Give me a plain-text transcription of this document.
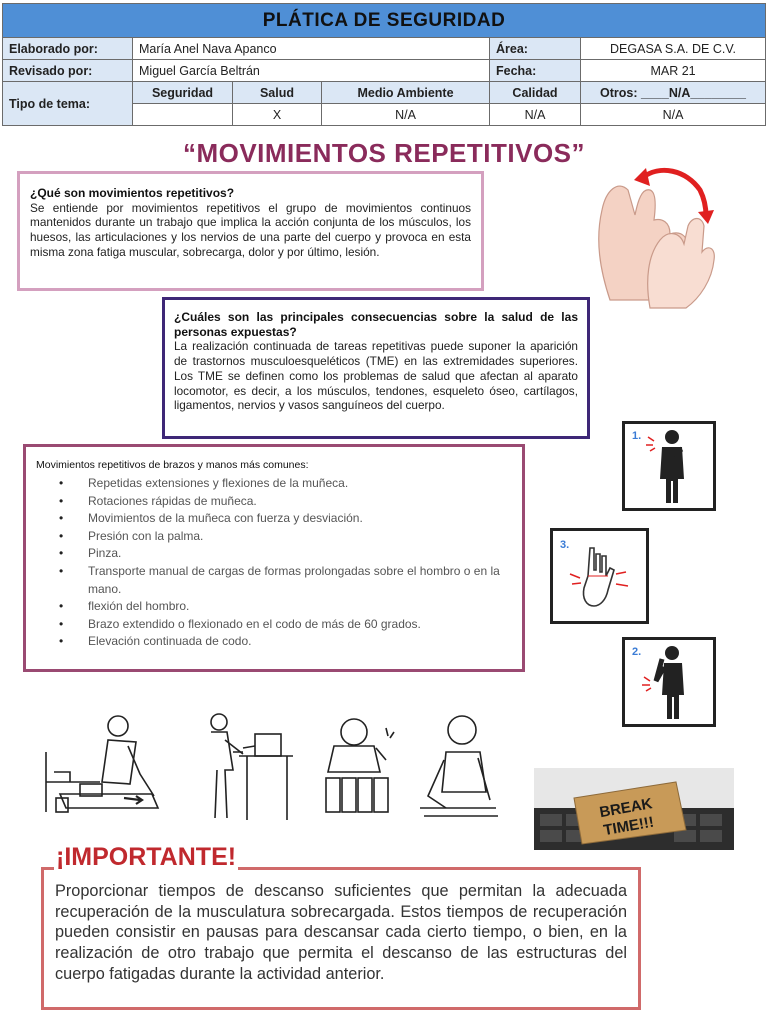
PLÁTICA DE SEGURIDAD					
Elaborado por:	María Anel Nava Apanco			Área:	DEGASA S.A. DE C.V.
Revisado por:	Miguel García Beltrán			Fecha:	MAR 21
Tipo de tema:	Seguridad	Salud	Medio Ambiente	Calidad	Otros: ____N/A________
		X	N/A	N/A	N/A
“MOVIMIENTOS REPETITIVOS”

¿Qué son movimientos repetitivos?

Se entiende por movimientos repetitivos el grupo de movimientos continuos mantenidos durante un trabajo que implica la acción conjunta de los músculos, los huesos, las articulaciones y los nervios de una parte del cuerpo y provoca en esta misma zona fatiga muscular, sobrecarga, dolor y por último, lesión.

¿Cuáles son las principales consecuencias sobre la salud de las personas expuestas?

La realización continuada de tareas repetitivas puede suponer la aparición de trastornos musculoesqueléticos (TME) en las extremidades superiores. Los TME se definen como los problemas de salud que afectan al aparato locomotor, es decir, a los músculos, tendones, esqueleto óseo, cartílagos, ligamentos, nervios y vasos sanguíneos del cuerpo.

Movimientos repetitivos de brazos y manos más comunes:
• Repetidas extensiones y flexiones de la muñeca.
• Rotaciones rápidas de muñeca.
• Movimientos de la muñeca con fuerza y desviación.
• Presión con la palma.
• Pinza.
• Transporte manual de cargas de formas prolongadas sobre el hombro o en la mano.
• flexión del hombro.
• Brazo extendido o flexionado en el codo de más de 60 grados.
• Elevación continuada de codo.
1.
3.
2.
BREAK
TIME!!!
¡IMPORTANTE!

Proporcionar tiempos de descanso suficientes que permitan la adecuada recuperación de la musculatura sobrecargada. Estos tiempos de recuperación pueden consistir en pausas para descansar cada cierto tiempo, o bien, en la realización de otro trabajo que permita el descanso de las estructuras del cuerpo fatigadas durante la actividad anterior.
